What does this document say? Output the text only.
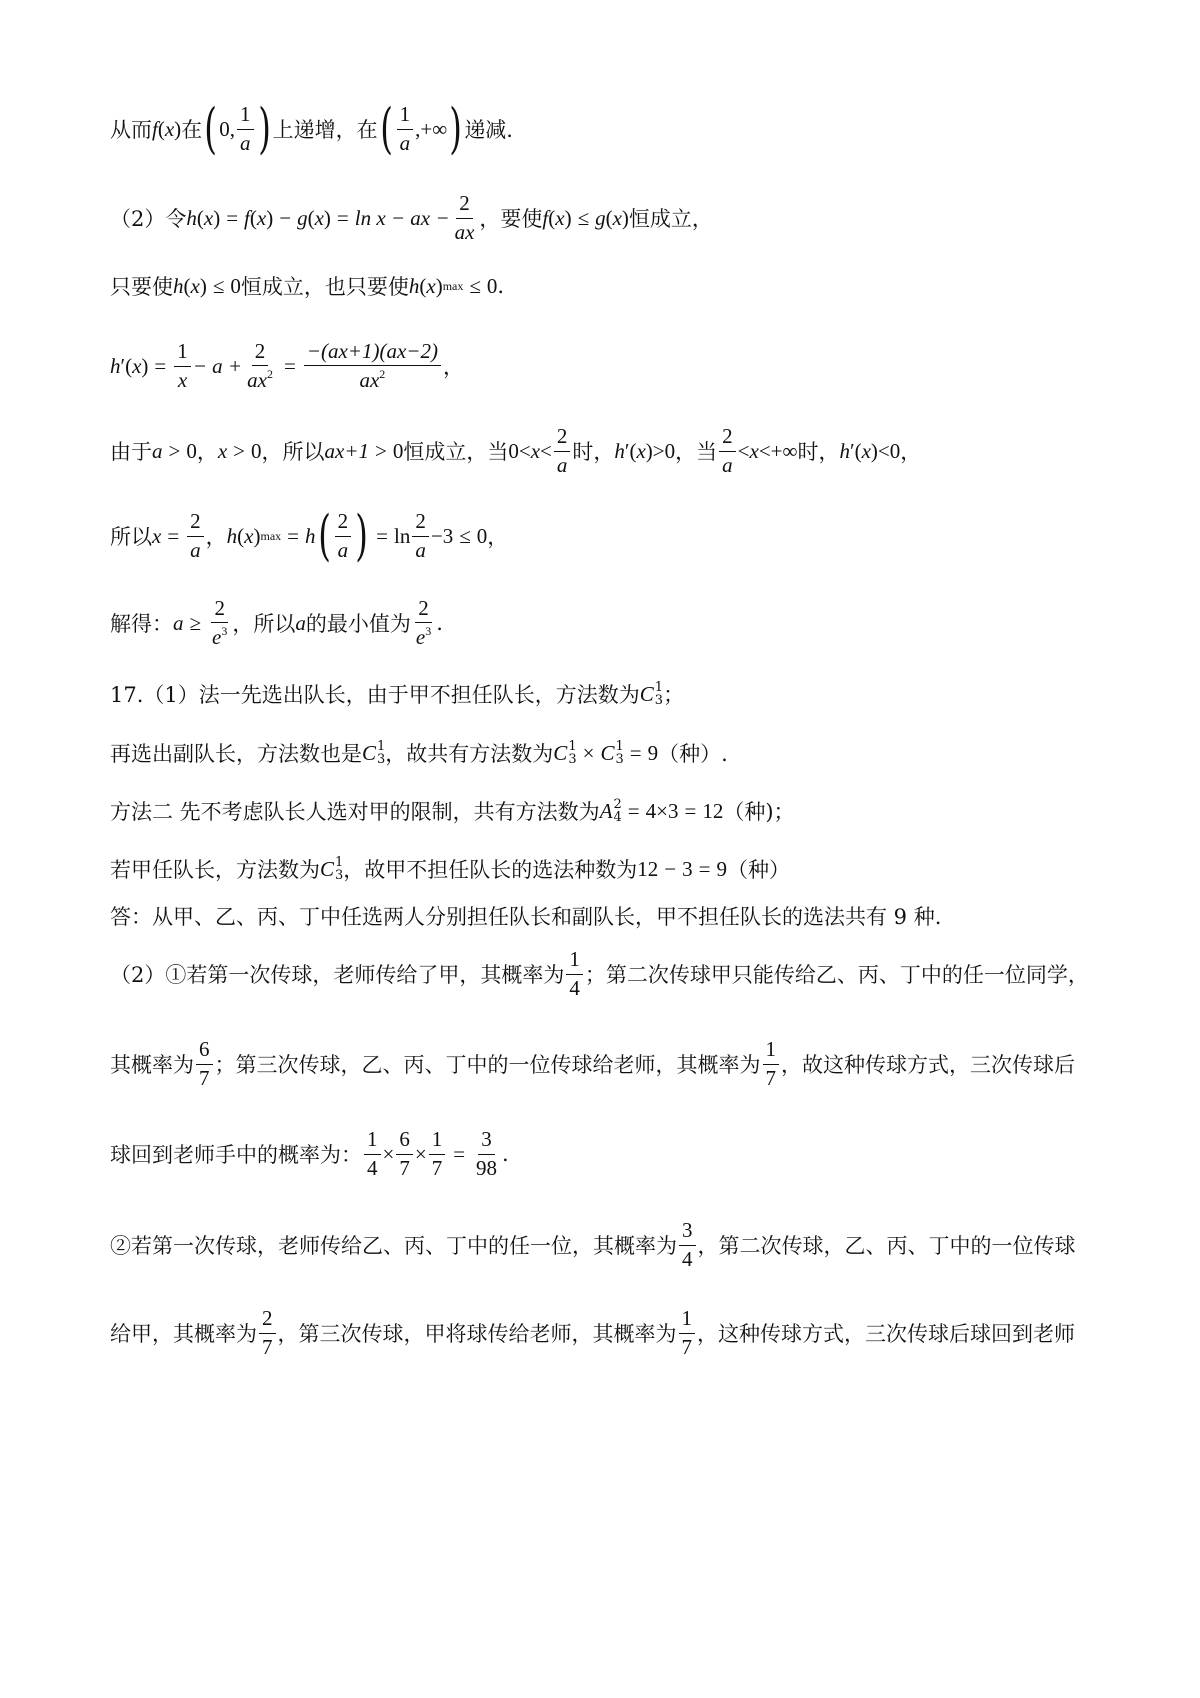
从而 f ( x ) 在 ( 0 , $\frac{1}{a}$ ) 上递增，在 ( $\frac{1}{a}$ , +∞ ) 递减.
（2）令 h ( x ) = f ( x ) − g ( x ) = ln x − ax − $\frac{2}{ax}$ ，要使 f ( x ) ≤ g ( x ) 恒成立，
只要使 h ( x ) ≤ 0 恒成立，也只要使 h ( x ) max ≤ 0 .
h ′ ( x ) = $\frac{1}{x} - a + \frac{2}{ax^2} = \frac{-(ax+1)(ax-2)}{ax^2}$ ，
由于 a > 0 ， x > 0 ，所以 ax+1 > 0 恒成立，当 $0 < x < \frac{2}{a}$ 时， h ′ ( x ) > 0 ，当 $\frac{2}{a} < x$ < +∞ 时， h ′ ( x ) < 0 ，
所以 $x = \frac{2}{a}$ ， h ( x ) max = h ( $\frac{2}{a}$ ) = $\ln \frac{2}{a} - 3 \le 0$ ，
解得： $a \ge \frac{2}{e^3}$ ，所以 a 的最小值为 $\frac{2}{e^3}$ .
17.（1）法一先选出队长，由于甲不担任队长，方法数为 C 1
3 ；
再选出副队长，方法数也是 C 1
3 ，故共有方法数为 C 1
3 × C 1
3 = 9 （种）.
方法二 先不考虑队长人选对甲的限制，共有方法数为 A 2
4 = 4 × 3 = 12 （种)；
若甲任队长，方法数为 C 1
3 ，故甲不担任队长的选法种数为 12 − 3 = 9 （种）
答：从甲、乙、丙、丁中任选两人分别担任队长和副队长，甲不担任队长的选法共有 9 种.
（2）①若第一次传球，老师传给了甲，其概率为 $\frac{1}{4}$ ；第二次传球甲只能传给乙、丙、丁中的任一位同学，
其概率为 $\frac{6}{7}$ ；第三次传球，乙、丙、丁中的一位传球给老师，其概率为 $\frac{1}{7}$ ，故这种传球方式，三次传球后
球回到老师手中的概率为： $\frac{1}{4} \times \frac{6}{7} \times \frac{1}{7} = \frac{3}{98}$ .
②若第一次传球，老师传给乙、丙、丁中的任一位，其概率为 $\frac{3}{4}$ ，第二次传球，乙、丙、丁中的一位传球
给甲，其概率为 $\frac{2}{7}$ ，第三次传球，甲将球传给老师，其概率为 $\frac{1}{7}$ ，这种传球方式，三次传球后球回到老师
